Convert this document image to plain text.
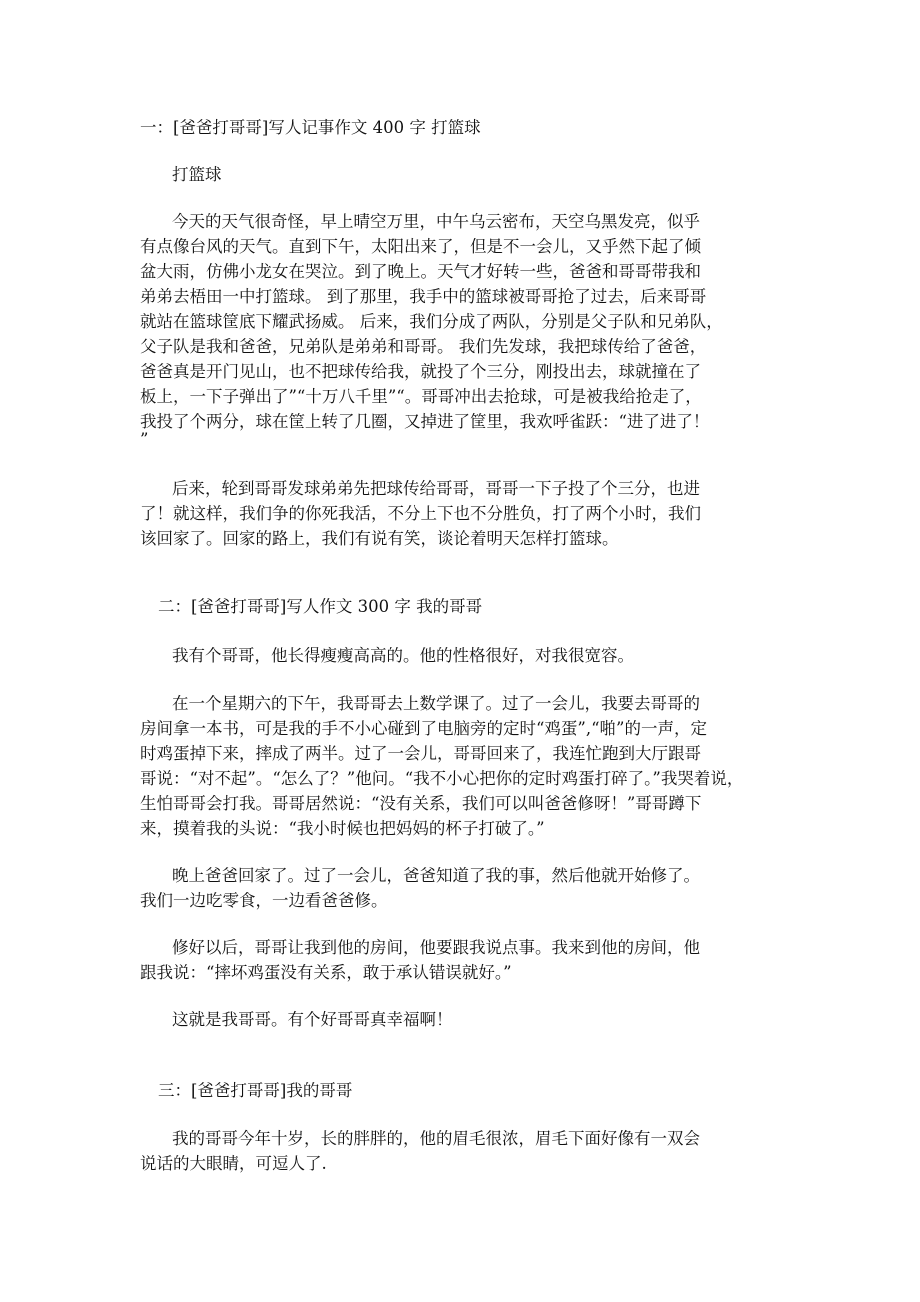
一：[爸爸打哥哥]写人记事作文 400 字 打篮球

打篮球

今天的天气很奇怪，早上晴空万里，中午乌云密布，天空乌黑发亮，似乎

有点像台风的天气。直到下午，太阳出来了，但是不一会儿，又乎然下起了倾

盆大雨，仿佛小龙女在哭泣。到了晚上。天气才好转一些，爸爸和哥哥带我和

弟弟去梧田一中打篮球。 到了那里，我手中的篮球被哥哥抢了过去，后来哥哥

就站在篮球筐底下耀武扬威。 后来，我们分成了两队，分别是父子队和兄弟队，

父子队是我和爸爸，兄弟队是弟弟和哥哥。 我们先发球，我把球传给了爸爸，

爸爸真是开门见山，也不把球传给我，就投了个三分，刚投出去，球就撞在了

板上，一下子弹出了”“十万八千里”“。哥哥冲出去抢球，可是被我给抢走了，

我投了个两分，球在筐上转了几圈，又掉进了筐里，我欢呼雀跃：“进了进了！

”

后来，轮到哥哥发球弟弟先把球传给哥哥，哥哥一下子投了个三分，也进

了！就这样，我们争的你死我活，不分上下也不分胜负，打了两个小时，我们

该回家了。回家的路上，我们有说有笑，谈论着明天怎样打篮球。

二：[爸爸打哥哥]写人作文 300 字 我的哥哥

我有个哥哥，他长得瘦瘦高高的。他的性格很好，对我很宽容。

在一个星期六的下午，我哥哥去上数学课了。过了一会儿，我要去哥哥的

房间拿一本书，可是我的手不小心碰到了电脑旁的定时“鸡蛋”,“啪”的一声，定

时鸡蛋掉下来，摔成了两半。过了一会儿，哥哥回来了，我连忙跑到大厅跟哥

哥说：“对不起”。“怎么了？”他问。“我不小心把你的定时鸡蛋打碎了。”我哭着说，

生怕哥哥会打我。哥哥居然说：“没有关系，我们可以叫爸爸修呀！”哥哥蹲下

来，摸着我的头说：“我小时候也把妈妈的杯子打破了。”

晚上爸爸回家了。过了一会儿，爸爸知道了我的事，然后他就开始修了。

我们一边吃零食，一边看爸爸修。

修好以后，哥哥让我到他的房间，他要跟我说点事。我来到他的房间，他

跟我说：“摔坏鸡蛋没有关系，敢于承认错误就好。”

这就是我哥哥。有个好哥哥真幸福啊！

三：[爸爸打哥哥]我的哥哥

我的哥哥今年十岁，长的胖胖的，他的眉毛很浓，眉毛下面好像有一双会

说话的大眼睛，可逗人了.
